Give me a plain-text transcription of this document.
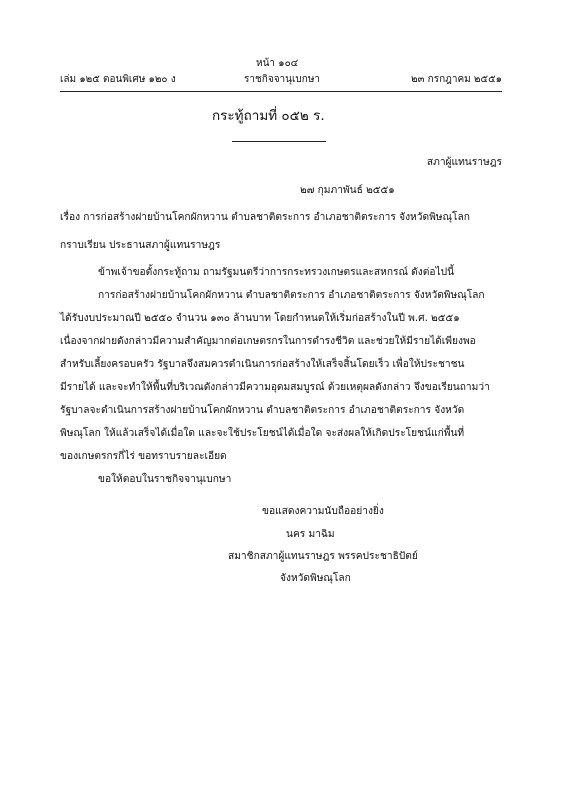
หน้า ๑๐๔
เล่ม ๑๒๕ ตอนพิเศษ ๑๒๐ ง	ราชกิจจานุเบกษา	๒๓ กรกฎาคม ๒๕๕๑
กระทู้ถามที่ ๐๕๒ ร.
สภาผู้แทนราษฎร
๒๗ กุมภาพันธ์ ๒๕๕๑
เรื่อง การก่อสร้างฝายบ้านโคกผักหวาน ตำบลชาติตระการ อำเภอชาติตระการ จังหวัดพิษณุโลก
กราบเรียน ประธานสภาผู้แทนราษฎร
ข้าพเจ้าขอตั้งกระทู้ถาม ถามรัฐมนตรีว่าการกระทรวงเกษตรและสหกรณ์ ดังต่อไปนี้
การก่อสร้างฝายบ้านโคกผักหวาน ตำบลชาติตระการ อำเภอชาติตระการ จังหวัดพิษณุโลก
ได้รับงบประมาณปี ๒๕๕๐ จำนวน ๑๓๐ ล้านบาท โดยกำหนดให้เริ่มก่อสร้างในปี พ.ศ. ๒๕๕๑
เนื่องจากฝายดังกล่าวมีความสำคัญมากต่อเกษตรกรในการดำรงชีวิต และช่วยให้มีรายได้เพียงพอ
สำหรับเลี้ยงครอบครัว รัฐบาลจึงสมควรดำเนินการก่อสร้างให้เสร็จสิ้นโดยเร็ว เพื่อให้ประชาชน
มีรายได้ และจะทำให้พื้นที่บริเวณดังกล่าวมีความอุดมสมบูรณ์ ด้วยเหตุผลดังกล่าว จึงขอเรียนถามว่า
รัฐบาลจะดำเนินการสร้างฝายบ้านโคกผักหวาน ตำบลชาติตระการ อำเภอชาติตระการ จังหวัด
พิษณุโลก ให้แล้วเสร็จได้เมื่อใด และจะใช้ประโยชน์ได้เมื่อใด จะส่งผลให้เกิดประโยชน์แก่พื้นที่
ของเกษตรกรกี่ไร่ ขอทราบรายละเอียด
ขอให้ตอบในราชกิจจานุเบกษา
ขอแสดงความนับถืออย่างยิ่ง
นคร มาฉิม
สมาชิกสภาผู้แทนราษฎร พรรคประชาธิปัตย์
จังหวัดพิษณุโลก
